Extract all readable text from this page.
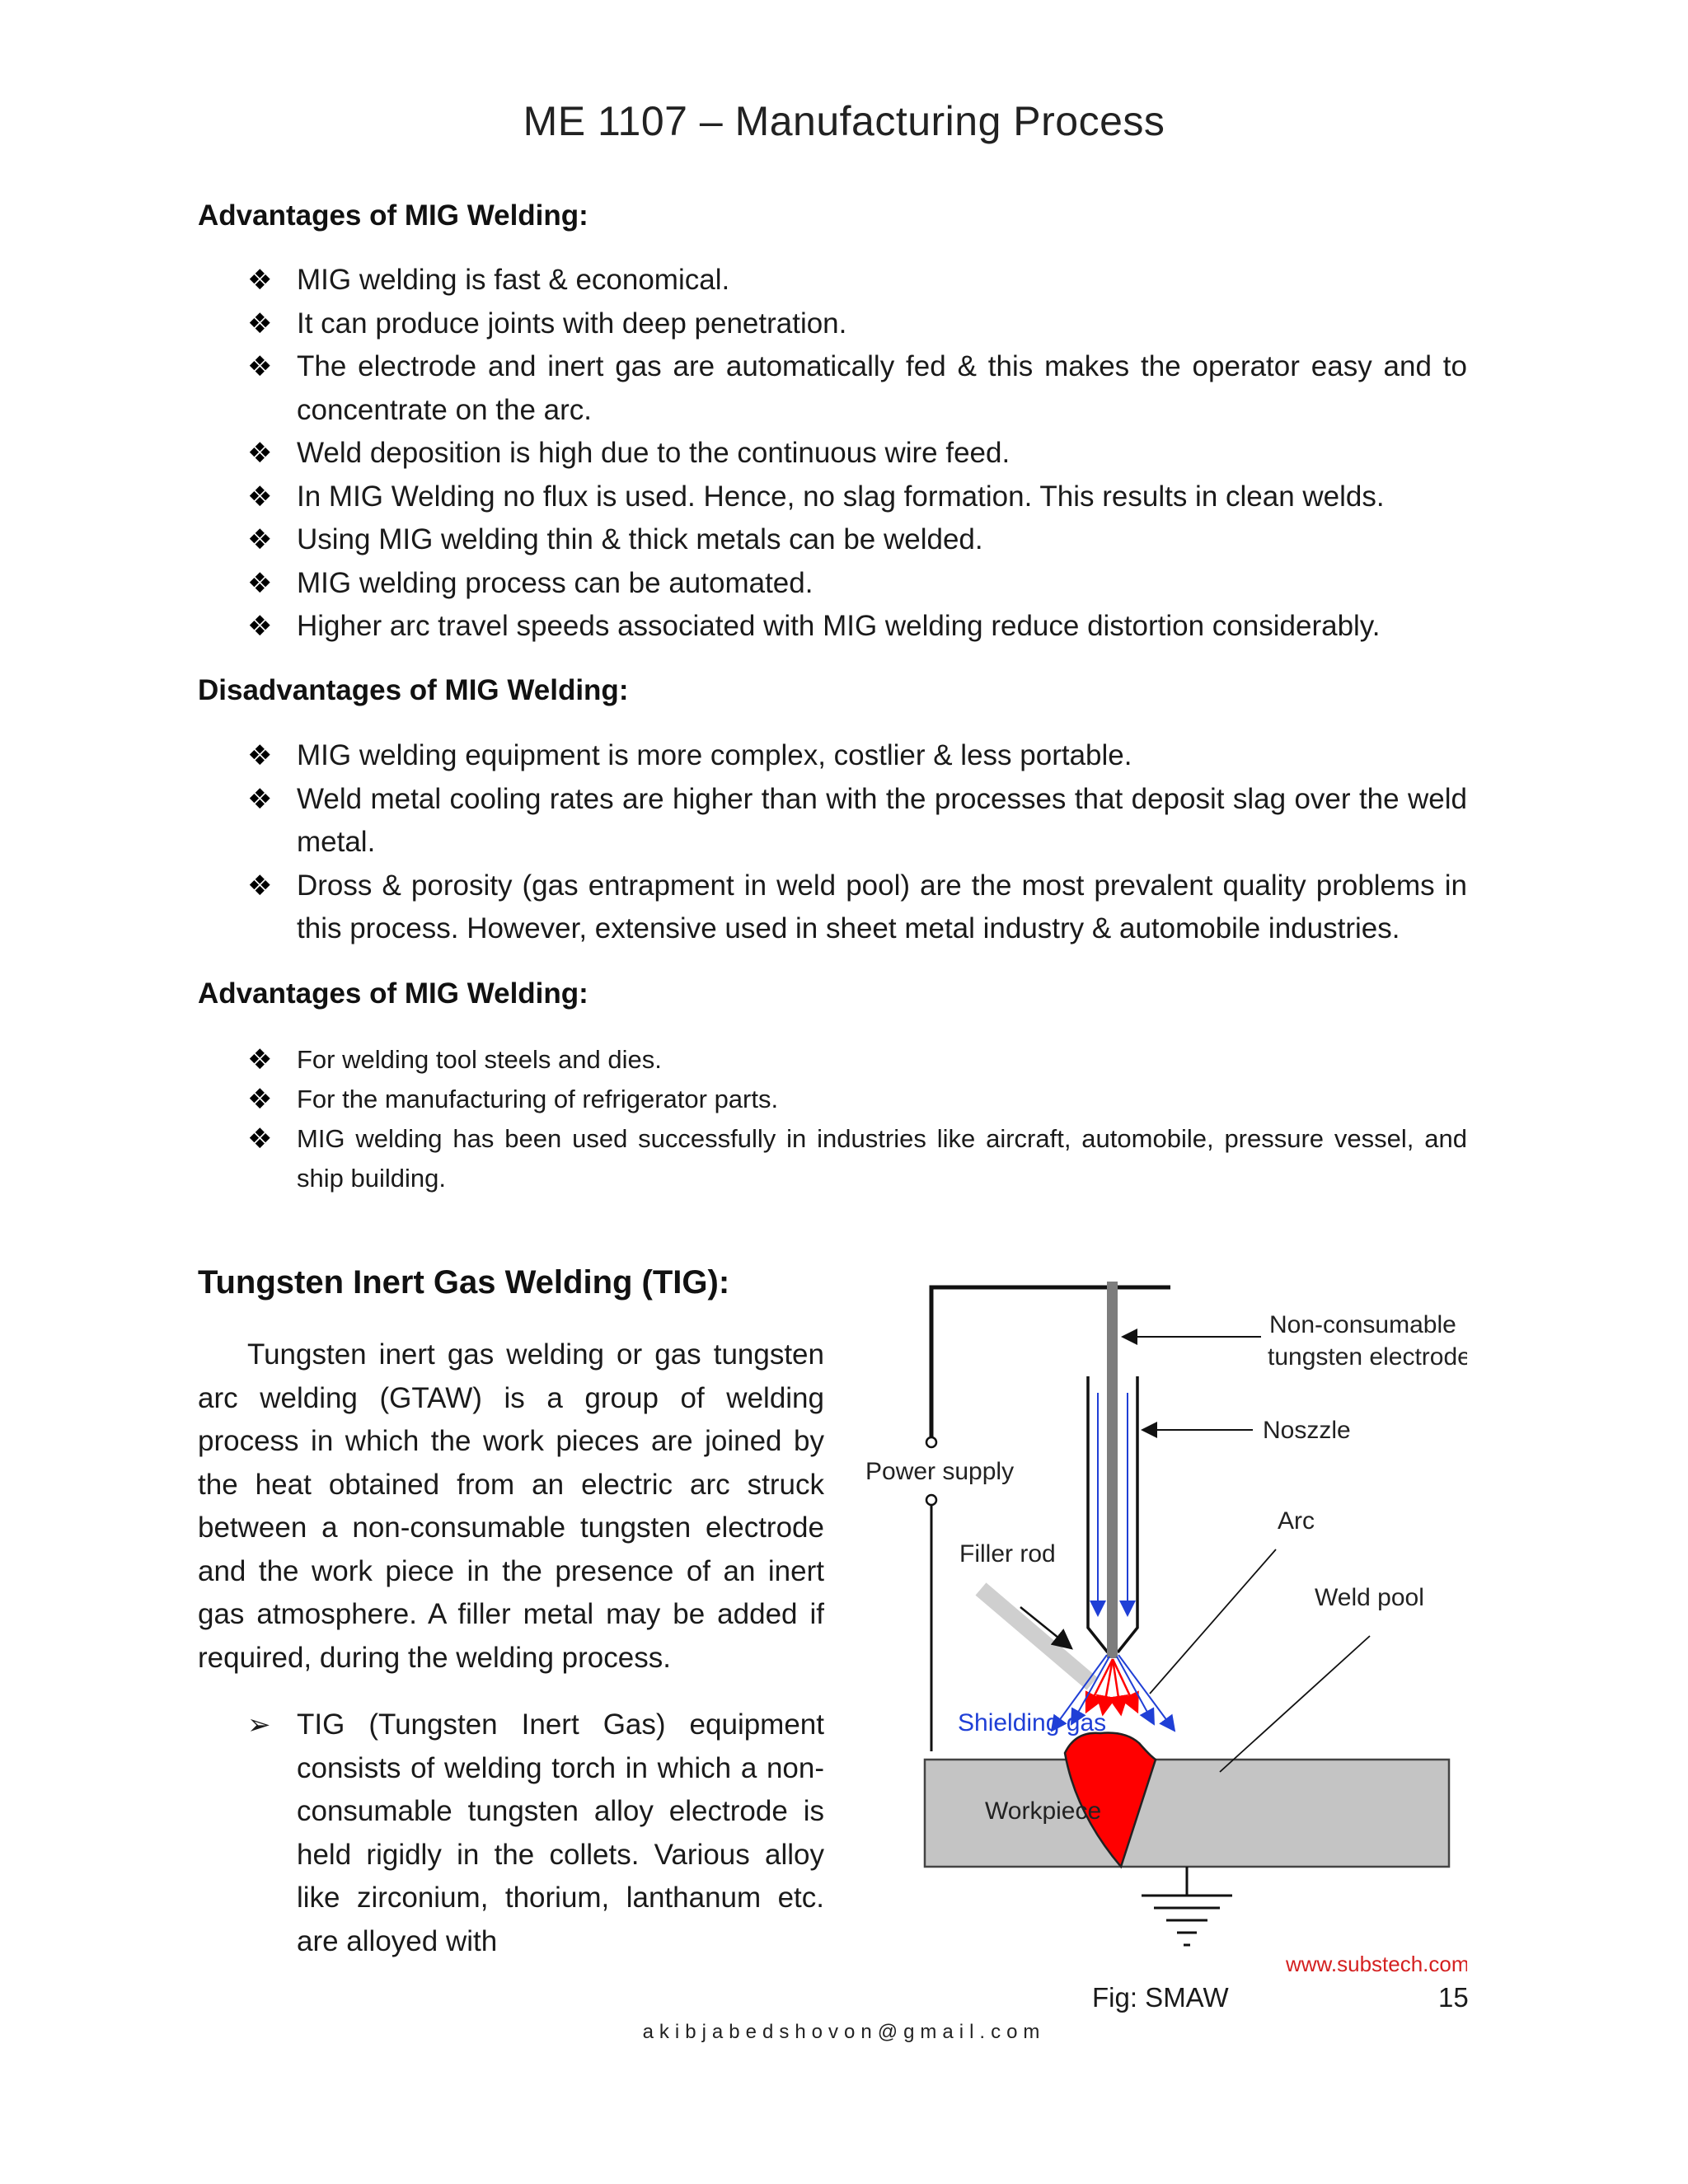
ME 1107 – Manufacturing Process
Advantages of MIG Welding:
❖ MIG welding is fast & economical.
❖ It can produce joints with deep penetration.
❖ The electrode and inert gas are automatically fed & this makes the operator easy and to concentrate on the arc.
❖ Weld deposition is high due to the continuous wire feed.
❖ In MIG Welding no flux is used. Hence, no slag formation. This results in clean welds.
❖ Using MIG welding thin & thick metals can be welded.
❖ MIG welding process can be automated.
❖ Higher arc travel speeds associated with MIG welding reduce distortion considerably.
Disadvantages of MIG Welding:
❖ MIG welding equipment is more complex, costlier & less portable.
❖ Weld metal cooling rates are higher than with the processes that deposit slag over the weld metal.
❖ Dross & porosity (gas entrapment in weld pool) are the most prevalent quality problems in this process. However, extensive used in sheet metal industry & automobile industries.
Advantages of MIG Welding:
❖ For welding tool steels and dies.
❖ For the manufacturing of refrigerator parts.
❖ MIG welding has been used successfully in industries like aircraft, automobile, pressure vessel, and ship building.
Tungsten Inert Gas Welding (TIG):

Tungsten inert gas welding or gas tungsten arc welding (GTAW) is a group of welding process in which the work pieces are joined by the heat obtained from an electric arc struck between a non-consumable tungsten electrode and the work piece in the presence of an inert gas atmosphere. A filler metal may be added if required, during the welding process.

➢ TIG (Tungsten Inert Gas) equipment consists of welding torch in which a non-consumable tungsten alloy electrode is held rigidly in the collets. Various alloy like zirconium, thorium, lanthanum etc. are alloyed with

Non-consumable
tungsten electrode
Noszzle
Power supply
Arc
Filler rod
Weld pool
Shielding gas
Workpiece
www.substech.com
Fig: SMAW	15
akibjabedshovon@gmail.com
